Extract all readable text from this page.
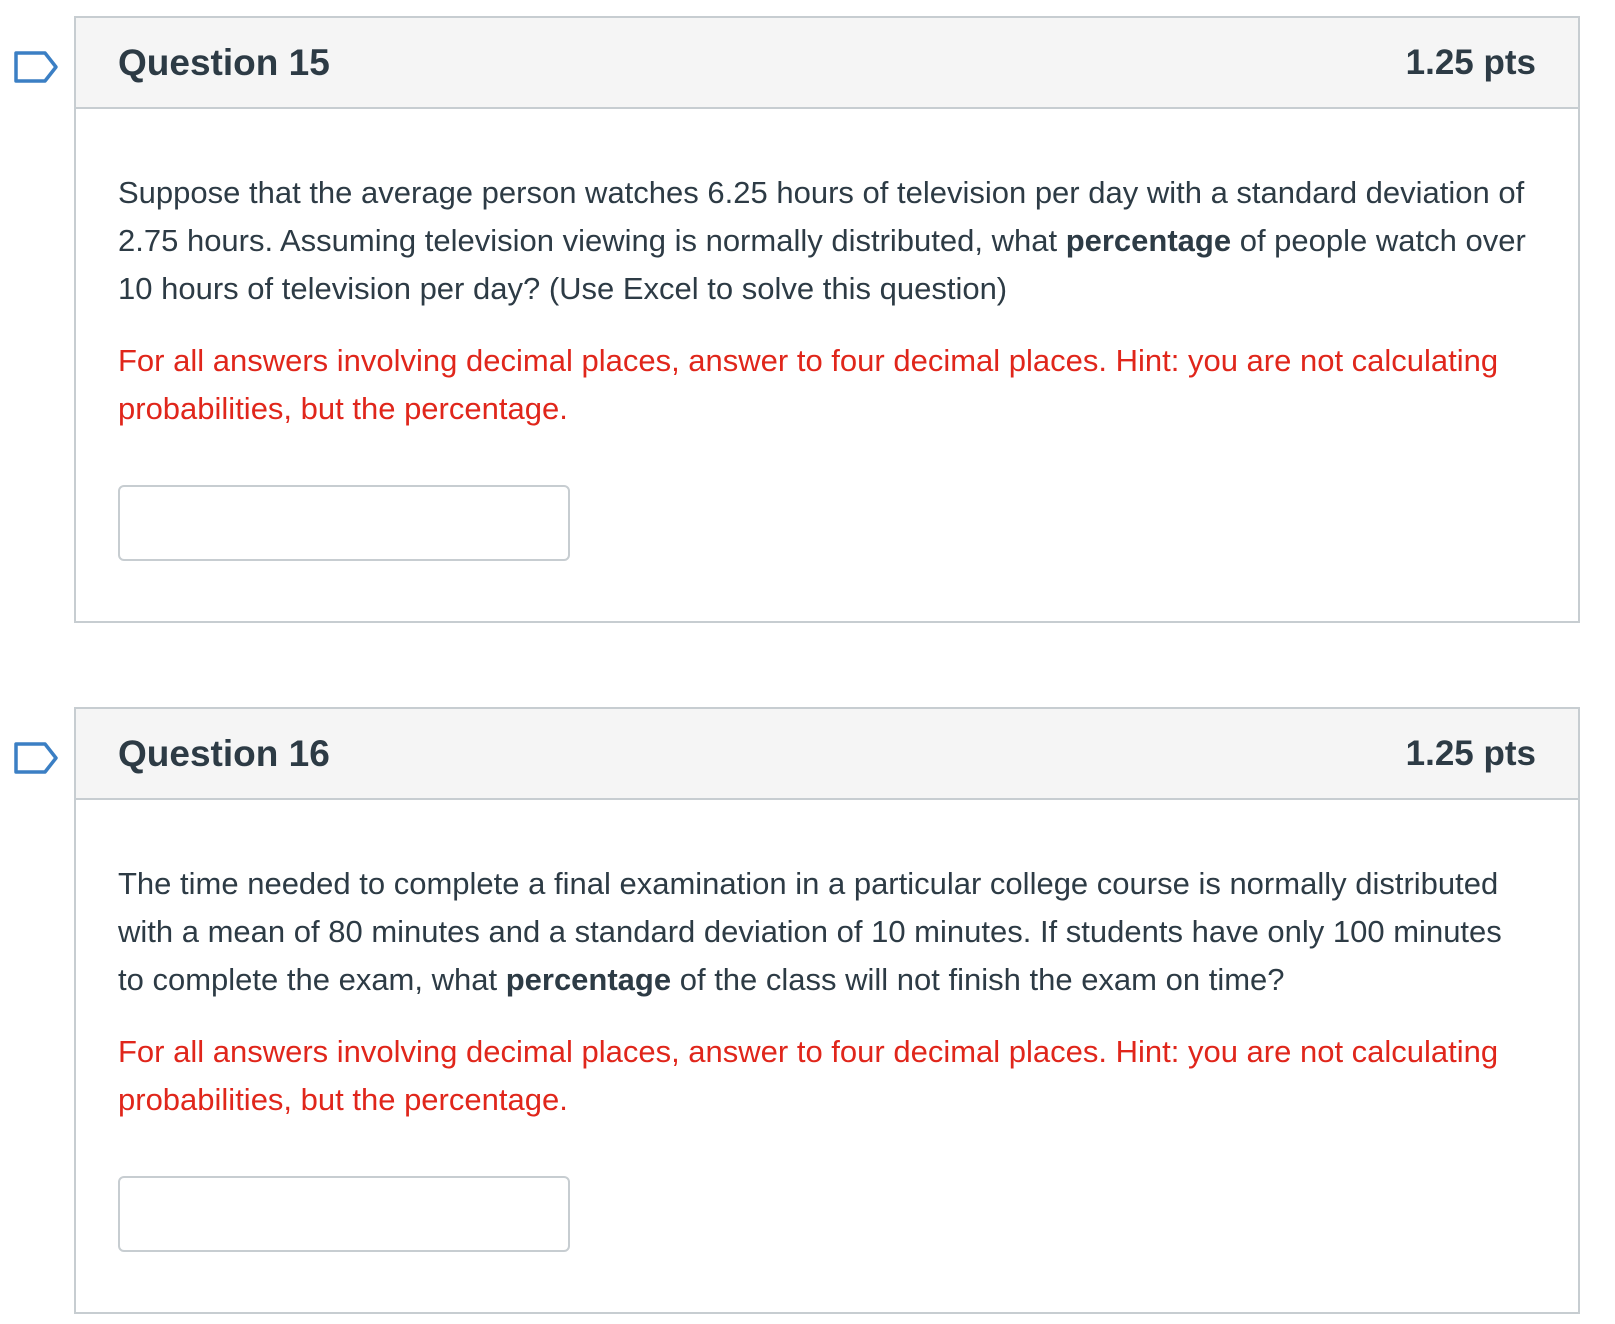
Question 15	1.25 pts

Suppose that the average person watches 6.25 hours of television per day with a standard deviation of 2.75 hours. Assuming television viewing is normally distributed, what percentage of people watch over 10 hours of television per day? (Use Excel to solve this question)

For all answers involving decimal places, answer to four decimal places. Hint: you are not calculating probabilities, but the percentage.

Question 16	1.25 pts

The time needed to complete a final examination in a particular college course is normally distributed with a mean of 80 minutes and a standard deviation of 10 minutes. If students have only 100 minutes to complete the exam, what percentage of the class will not finish the exam on time?

For all answers involving decimal places, answer to four decimal places. Hint: you are not calculating probabilities, but the percentage.
